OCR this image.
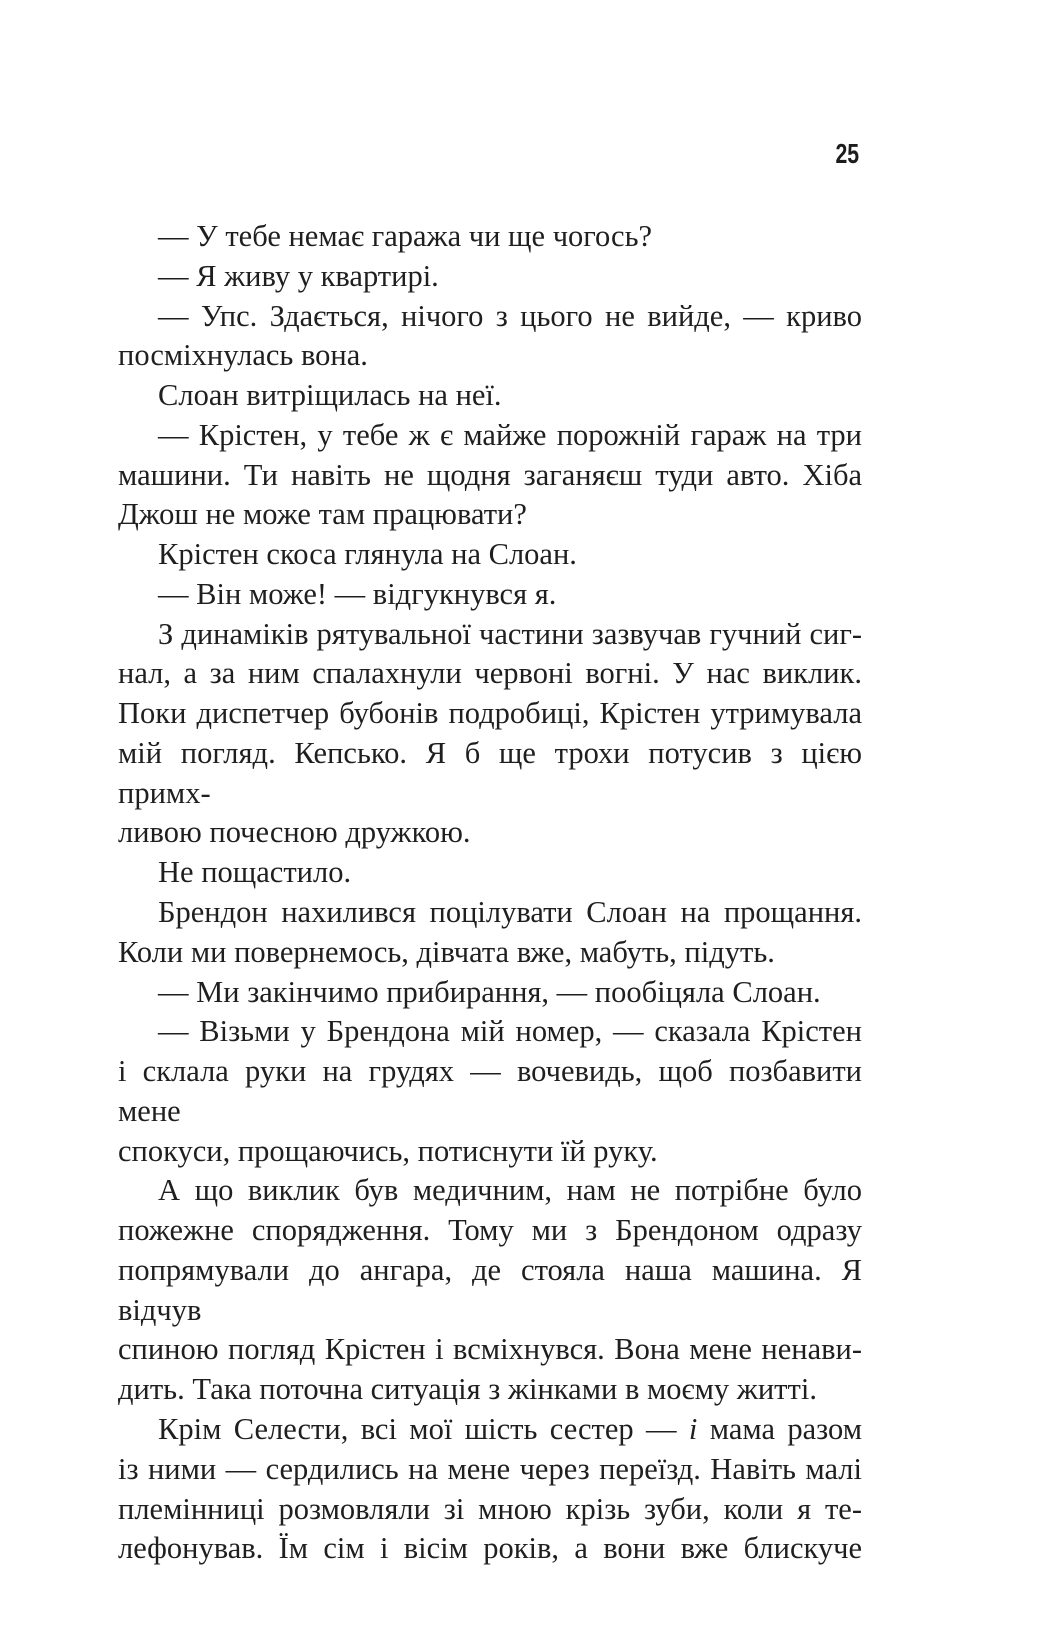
25

— У тебе немає гаража чи ще чогось?

— Я живу у квартирі.

— Упс. Здається, нічого з цього не вийде, — криво
посміхнулась вона.

Слоан витріщилась на неї.

— Крістен, у тебе ж є майже порожній гараж на три
машини. Ти навіть не щодня заганяєш туди авто. Хіба
Джош не може там працювати?

Крістен скоса глянула на Слоан.

— Він може! — відгукнувся я.

З динаміків рятувальної частини зазвучав гучний сиг-
нал, а за ним спалахнули червоні вогні. У нас виклик.
Поки диспетчер бубонів подробиці, Крістен утримувала
мій погляд. Кепсько. Я б ще трохи потусив з цією примх-
ливою почесною дружкою.

Не пощастило.

Брендон нахилився поцілувати Слоан на прощання.
Коли ми повернемось, дівчата вже, мабуть, підуть.

— Ми закінчимо прибирання, — пообіцяла Слоан.

— Візьми у Брендона мій номер, — сказала Крістен
і склала руки на грудях — вочевидь, щоб позбавити мене
спокуси, прощаючись, потиснути їй руку.

А що виклик був медичним, нам не потрібне було
пожежне спорядження. Тому ми з Брендоном одразу
попрямували до ангара, де стояла наша машина. Я відчув
спиною погляд Крістен і всміхнувся. Вона мене ненави-
дить. Така поточна ситуація з жінками в моєму житті.

Крім Селести, всі мої шість сестер — і мама разом
із ними — сердились на мене через переїзд. Навіть малі
племінниці розмовляли зі мною крізь зуби, коли я те-
лефонував. Їм сім і вісім років, а вони вже блискуче
